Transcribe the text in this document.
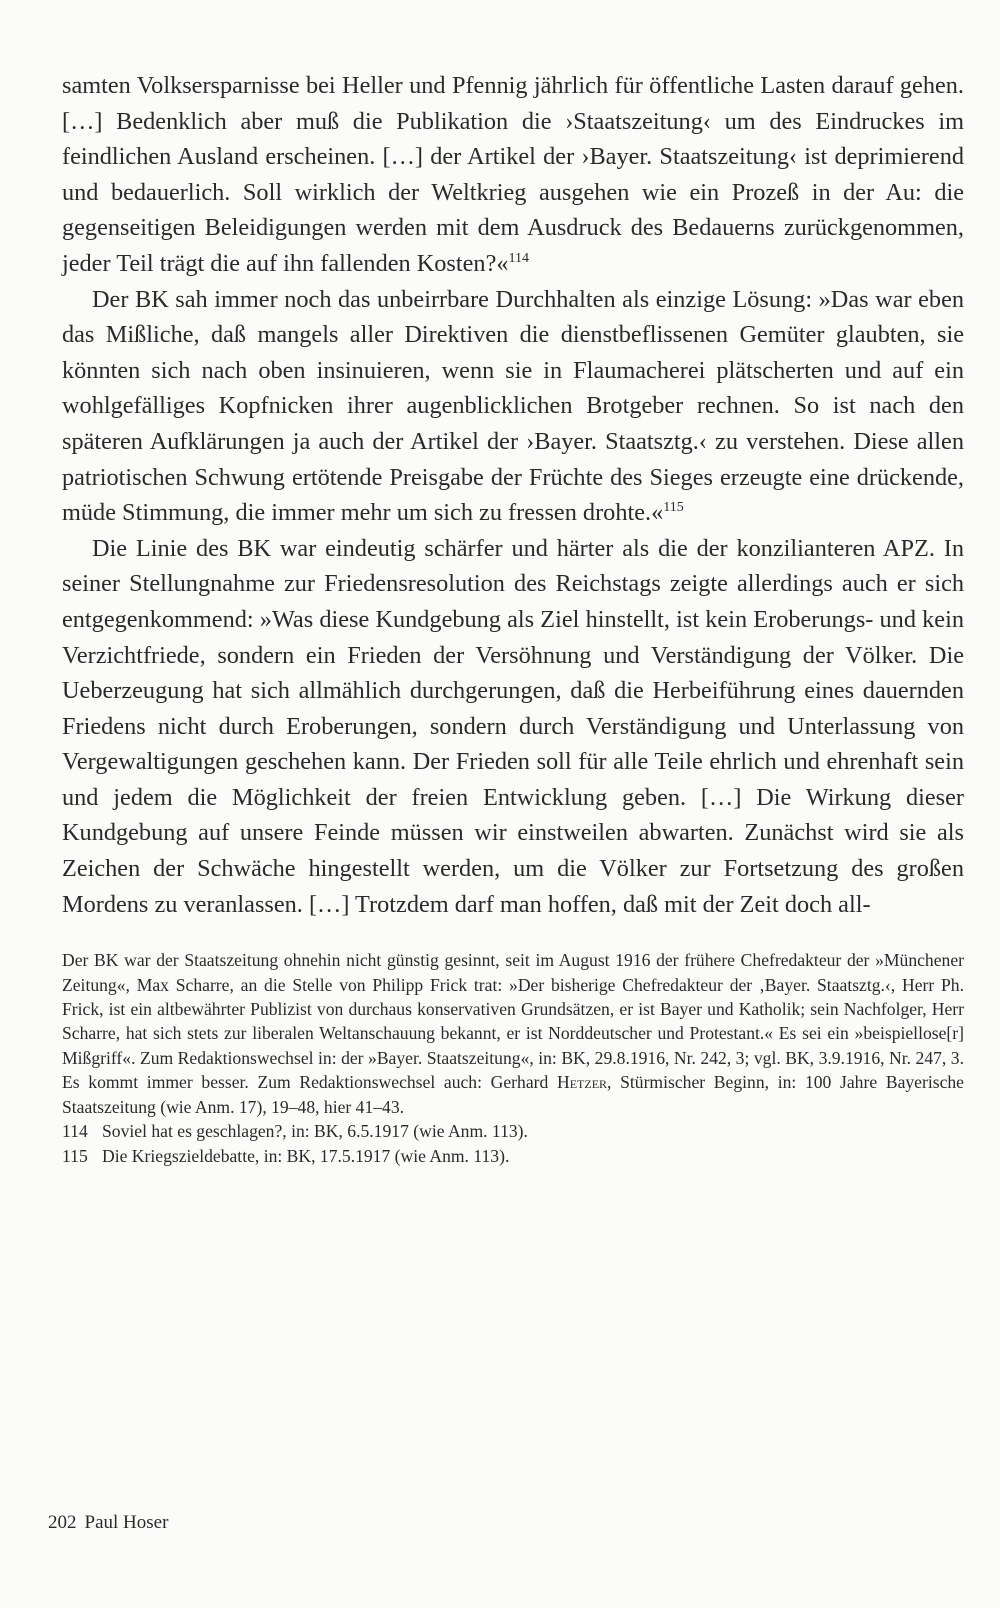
samten Volksersparnisse bei Heller und Pfennig jährlich für öffentliche Lasten darauf gehen. […] Bedenklich aber muß die Publikation die ›Staatszeitung‹ um des Eindruckes im feindlichen Ausland erscheinen. […] der Artikel der ›Bayer. Staatszeitung‹ ist deprimierend und bedauerlich. Soll wirklich der Weltkrieg ausgehen wie ein Prozeß in der Au: die gegenseitigen Beleidigungen werden mit dem Ausdruck des Bedauerns zurückgenommen, jeder Teil trägt die auf ihn fallenden Kosten?«$^{114}$

Der BK sah immer noch das unbeirrbare Durchhalten als einzige Lösung: »Das war eben das Mißliche, daß mangels aller Direktiven die dienstbeflissenen Gemüter glaubten, sie könnten sich nach oben insinuieren, wenn sie in Flaumacherei plätscherten und auf ein wohlgefälliges Kopfnicken ihrer augenblicklichen Brotgeber rechnen. So ist nach den späteren Aufklärungen ja auch der Artikel der ›Bayer. Staatsztg.‹ zu verstehen. Diese allen patriotischen Schwung ertötende Preisgabe der Früchte des Sieges erzeugte eine drückende, müde Stimmung, die immer mehr um sich zu fressen drohte.«$^{115}$

Die Linie des BK war eindeutig schärfer und härter als die der konzilianteren APZ. In seiner Stellungnahme zur Friedensresolution des Reichstags zeigte allerdings auch er sich entgegenkommend: »Was diese Kundgebung als Ziel hinstellt, ist kein Eroberungs- und kein Verzichtfriede, sondern ein Frieden der Versöhnung und Verständigung der Völker. Die Ueberzeugung hat sich allmählich durchgerungen, daß die Herbeiführung eines dauernden Friedens nicht durch Eroberungen, sondern durch Verständigung und Unterlassung von Vergewaltigungen geschehen kann. Der Frieden soll für alle Teile ehrlich und ehrenhaft sein und jedem die Möglichkeit der freien Entwicklung geben. […] Die Wirkung dieser Kundgebung auf unsere Feinde müssen wir einstweilen abwarten. Zunächst wird sie als Zeichen der Schwäche hingestellt werden, um die Völker zur Fortsetzung des großen Mordens zu veranlassen. […] Trotzdem darf man hoffen, daß mit der Zeit doch all-

Der BK war der Staatszeitung ohnehin nicht günstig gesinnt, seit im August 1916 der frühere Chefredakteur der »Münchener Zeitung«, Max Scharre, an die Stelle von Philipp Frick trat: »Der bisherige Chefredakteur der ‚Bayer. Staatsztg.‹, Herr Ph. Frick, ist ein altbewährter Publizist von durchaus konservativen Grundsätzen, er ist Bayer und Katholik; sein Nachfolger, Herr Scharre, hat sich stets zur liberalen Weltanschauung bekannt, er ist Norddeutscher und Protestant.« Es sei ein »beispiellose[r] Mißgriff«. Zum Redaktionswechsel in: der »Bayer. Staatszeitung«, in: BK, 29.8.1916, Nr. 242, 3; vgl. BK, 3.9.1916, Nr. 247, 3. Es kommt immer besser. Zum Redaktionswechsel auch: Gerhard Hetzer, Stürmischer Beginn, in: 100 Jahre Bayerische Staatszeitung (wie Anm. 17), 19–48, hier 41–43.

114 Soviel hat es geschlagen?, in: BK, 6.5.1917 (wie Anm. 113).

115 Die Kriegszieldebatte, in: BK, 17.5.1917 (wie Anm. 113).

202 Paul Hoser
